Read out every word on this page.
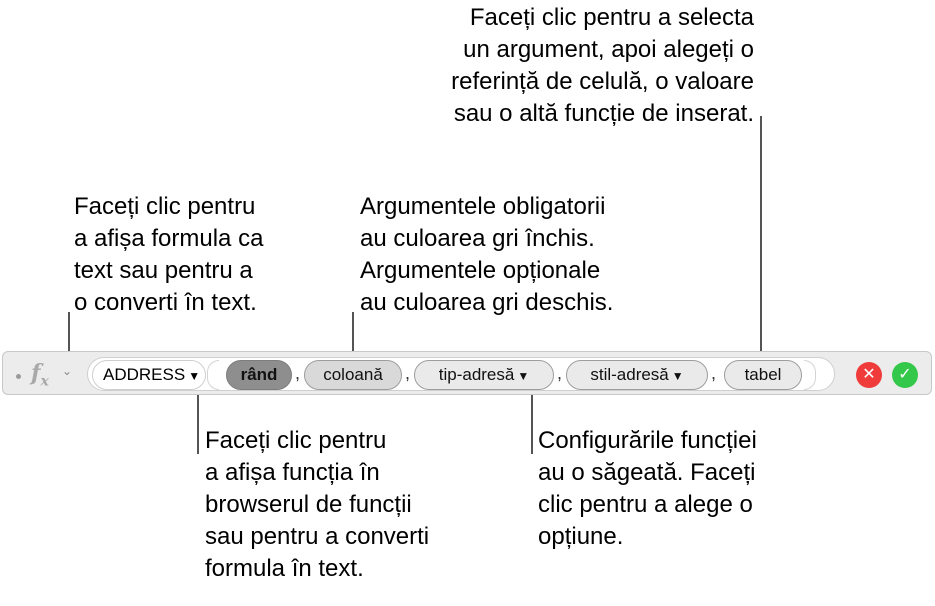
Faceți clic pentru a selecta
un argument, apoi alegeți o
referință de celulă, o valoare
sau o altă funcție de inserat.
Faceți clic pentru
a afișa formula ca
text sau pentru a
o converti în text.
Argumentele obligatorii
au culoarea gri închis.
Argumentele opționale
au culoarea gri deschis.
Faceți clic pentru
a afișa funcția în
browserul de funcții
sau pentru a converti
formula în text.
Configurările funcției
au o săgeată. Faceți
clic pentru a alege o
opțiune.
$f_x$
⌄	ADDRESS ▼	rând ,	coloană	,	tip-adresă ▼	,	stil-adresă ▼	,	tabel	✕	✓
